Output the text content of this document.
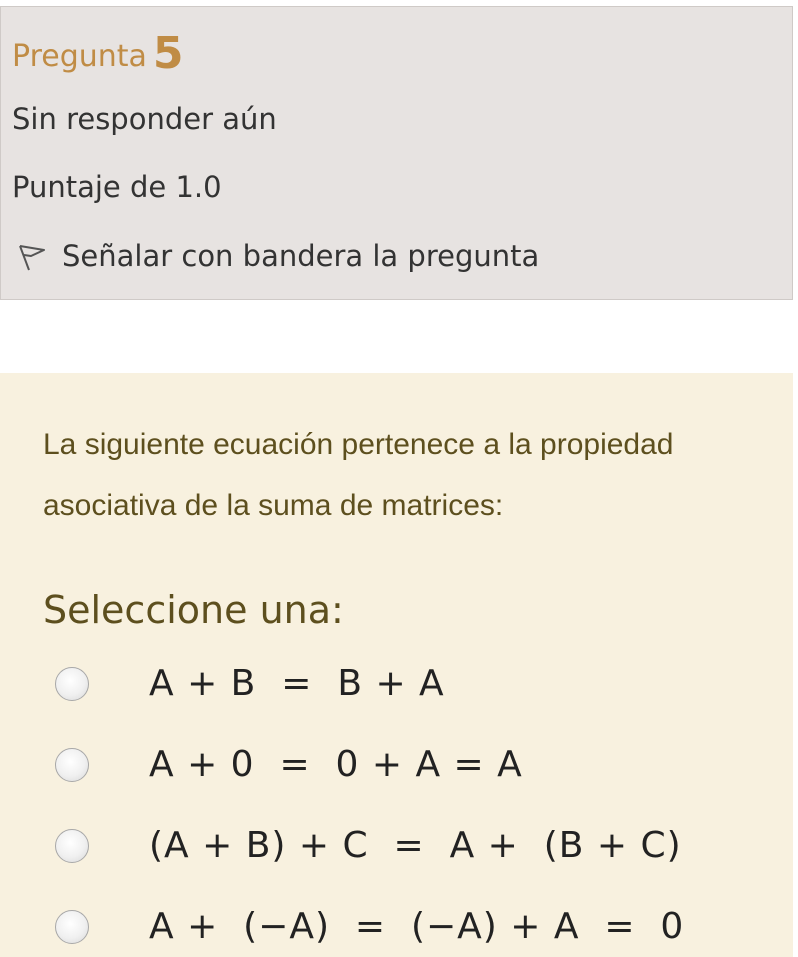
Pregunta 5
Sin responder aún
Puntaje de 1.0
Señalar con bandera la pregunta
La siguiente ecuación pertenece a la propiedad asociativa de la suma de matrices:
Seleccione una:
A + B  =  B + A
A + 0  =  0 + A = A
(A + B) + C  =  A +  (B + C)
A +  (−A)  =  (−A) + A  =  0
